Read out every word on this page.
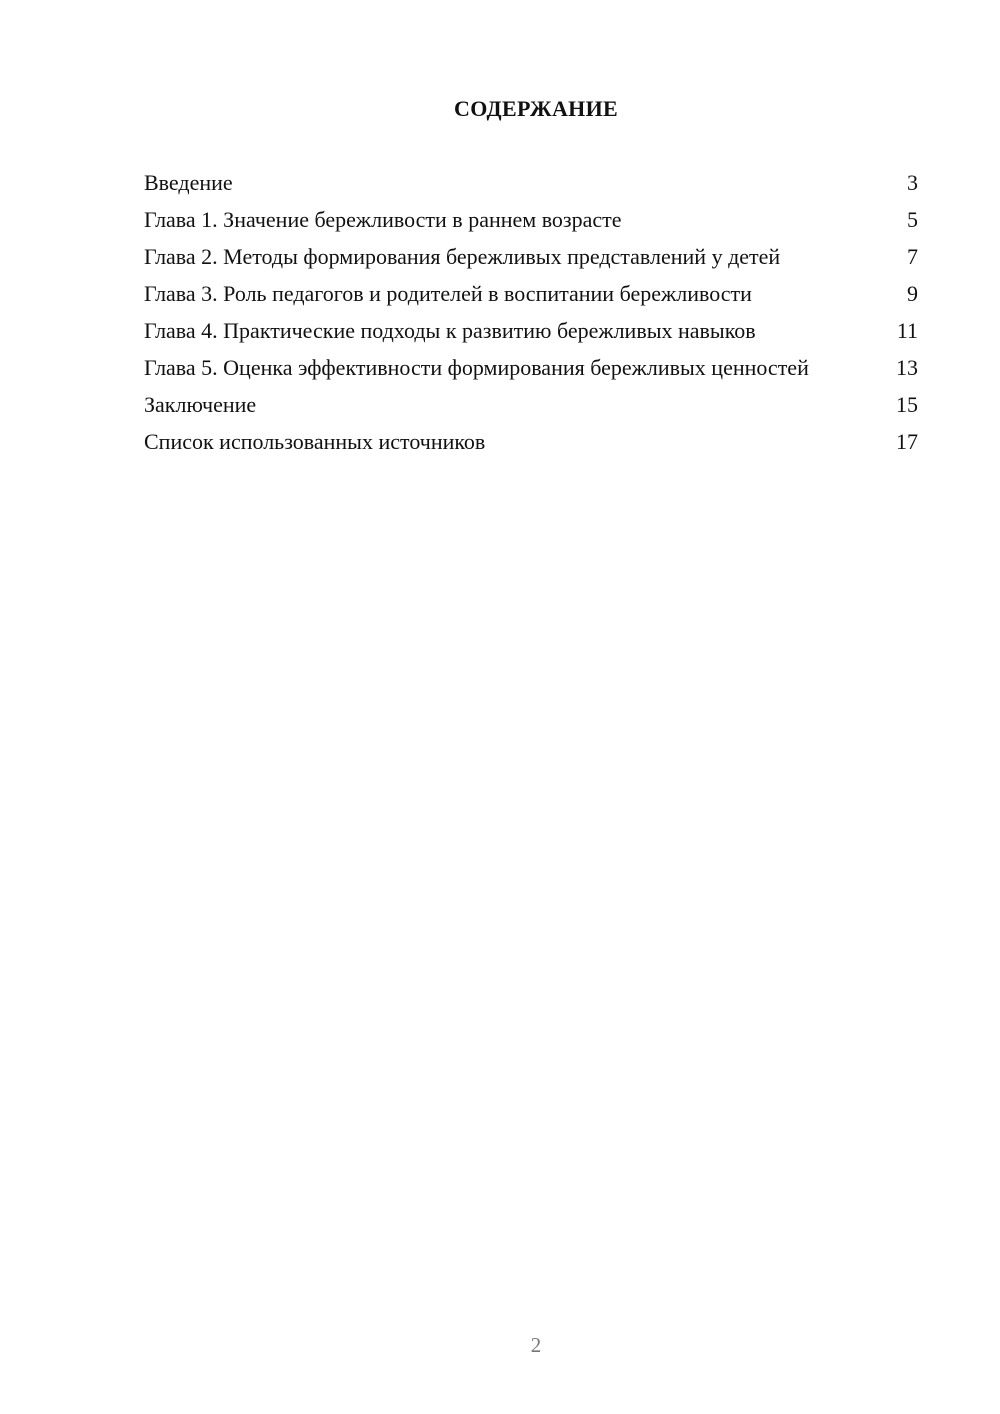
СОДЕРЖАНИЕ
Введение	3
Глава 1. Значение бережливости в раннем возрасте	5
Глава 2. Методы формирования бережливых представлений у детей	7
Глава 3. Роль педагогов и родителей в воспитании бережливости	9
Глава 4. Практические подходы к развитию бережливых навыков	11
Глава 5. Оценка эффективности формирования бережливых ценностей	13
Заключение	15
Список использованных источников	17
2
